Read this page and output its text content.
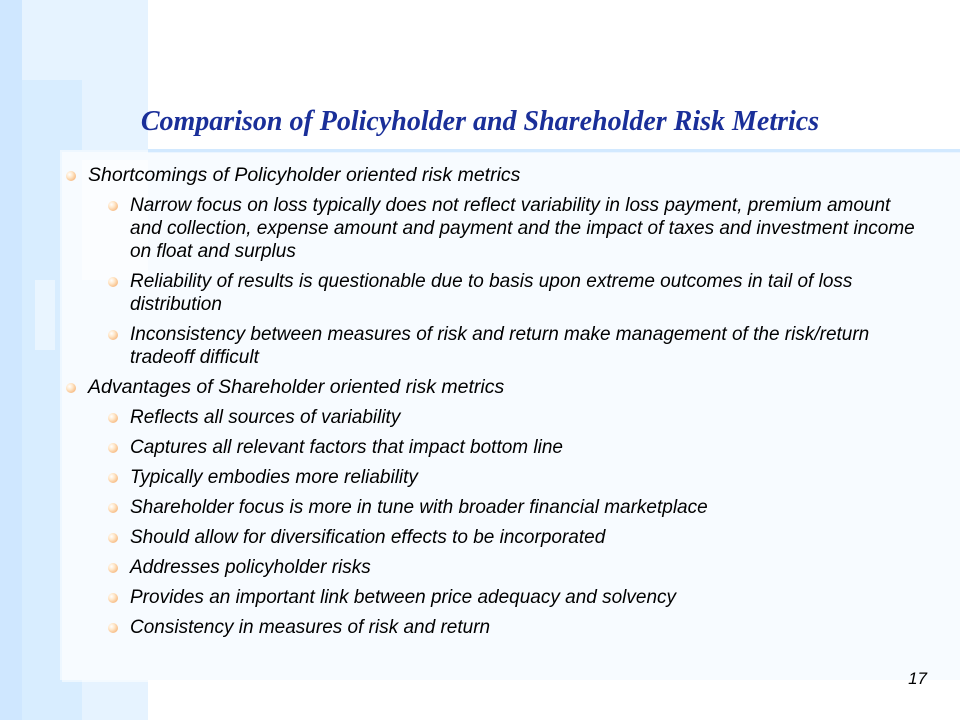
Comparison of Policyholder and Shareholder Risk Metrics
Shortcomings of Policyholder oriented risk metrics
Narrow focus on loss typically does not reflect variability in loss payment, premium amount and collection, expense amount and payment and the impact of taxes and investment income on float and surplus
Reliability of results is questionable due to basis upon extreme outcomes in tail of loss distribution
Inconsistency between measures of risk and return make management of the risk/return tradeoff difficult
Advantages of Shareholder oriented risk metrics
Reflects all sources of variability
Captures all relevant factors that impact bottom line
Typically embodies more reliability
Shareholder focus is more in tune with broader financial marketplace
Should allow for diversification effects to be incorporated
Addresses policyholder risks
Provides an important link between price adequacy and solvency
Consistency in measures of risk and return
17
